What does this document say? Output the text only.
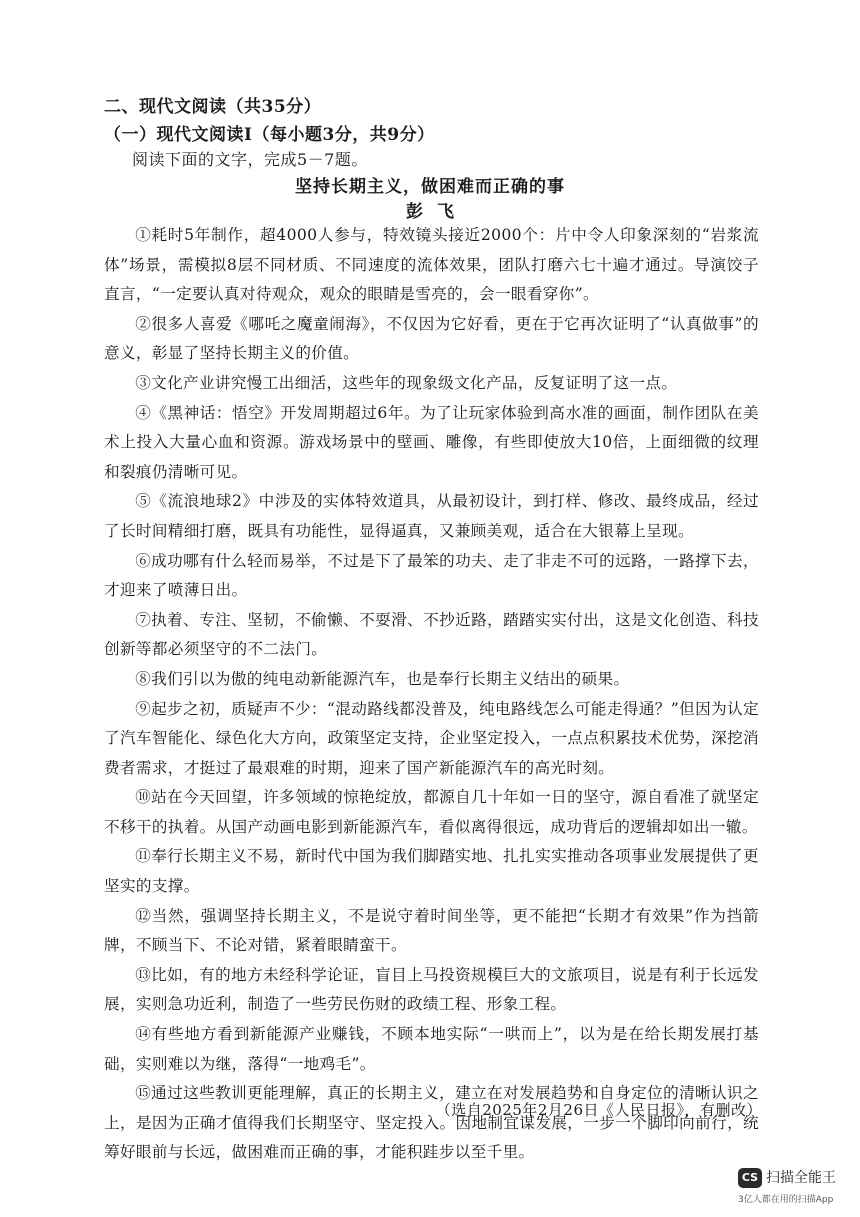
二、现代文阅读（共35分）
（一）现代文阅读Ⅰ（每小题3分，共9分）
阅读下面的文字，完成5－7题。
坚持长期主义，做困难而正确的事
彭飞

①耗时5年制作，超4000人参与，特效镜头接近2000个：片中令人印象深刻的“岩浆流体”场景，需模拟8层不同材质、不同速度的流体效果，团队打磨六七十遍才通过。导演饺子直言，“一定要认真对待观众，观众的眼睛是雪亮的，会一眼看穿你”。

②很多人喜爱《哪吒之魔童闹海》，不仅因为它好看，更在于它再次证明了“认真做事”的意义，彰显了坚持长期主义的价值。

③文化产业讲究慢工出细活，这些年的现象级文化产品，反复证明了这一点。

④《黑神话：悟空》开发周期超过6年。为了让玩家体验到高水准的画面，制作团队在美术上投入大量心血和资源。游戏场景中的壁画、雕像，有些即使放大10倍，上面细微的纹理和裂痕仍清晰可见。

⑤《流浪地球2》中涉及的实体特效道具，从最初设计，到打样、修改、最终成品，经过了长时间精细打磨，既具有功能性，显得逼真，又兼顾美观，适合在大银幕上呈现。

⑥成功哪有什么轻而易举，不过是下了最笨的功夫、走了非走不可的远路，一路撑下去，才迎来了喷薄日出。

⑦执着、专注、坚韧，不偷懒、不耍滑、不抄近路，踏踏实实付出，这是文化创造、科技创新等都必须坚守的不二法门。

⑧我们引以为傲的纯电动新能源汽车，也是奉行长期主义结出的硕果。

⑨起步之初，质疑声不少：“混动路线都没普及，纯电路线怎么可能走得通？”但因为认定了汽车智能化、绿色化大方向，政策坚定支持，企业坚定投入，一点点积累技术优势，深挖消费者需求，才挺过了最艰难的时期，迎来了国产新能源汽车的高光时刻。

⑩站在今天回望，许多领域的惊艳绽放，都源自几十年如一日的坚守，源自看准了就坚定不移干的执着。从国产动画电影到新能源汽车，看似离得很远，成功背后的逻辑却如出一辙。

⑪奉行长期主义不易，新时代中国为我们脚踏实地、扎扎实实推动各项事业发展提供了更坚实的支撑。

⑫当然，强调坚持长期主义，不是说守着时间坐等，更不能把“长期才有效果”作为挡箭牌，不顾当下、不论对错，紧着眼睛蛮干。

⑬比如，有的地方未经科学论证，盲目上马投资规模巨大的文旅项目，说是有利于长远发展，实则急功近利，制造了一些劳民伤财的政绩工程、形象工程。

⑭有些地方看到新能源产业赚钱，不顾本地实际“一哄而上”，以为是在给长期发展打基础，实则难以为继，落得“一地鸡毛”。

⑮通过这些教训更能理解，真正的长期主义，建立在对发展趋势和自身定位的清晰认识之上，是因为正确才值得我们长期坚守、坚定投入。因地制宜谋发展，一步一个脚印向前行，统筹好眼前与长远，做困难而正确的事，才能积跬步以至千里。

（选自2025年2月26日《人民日报》，有删改）
CS 扫描全能王
3亿人都在用的扫描App
